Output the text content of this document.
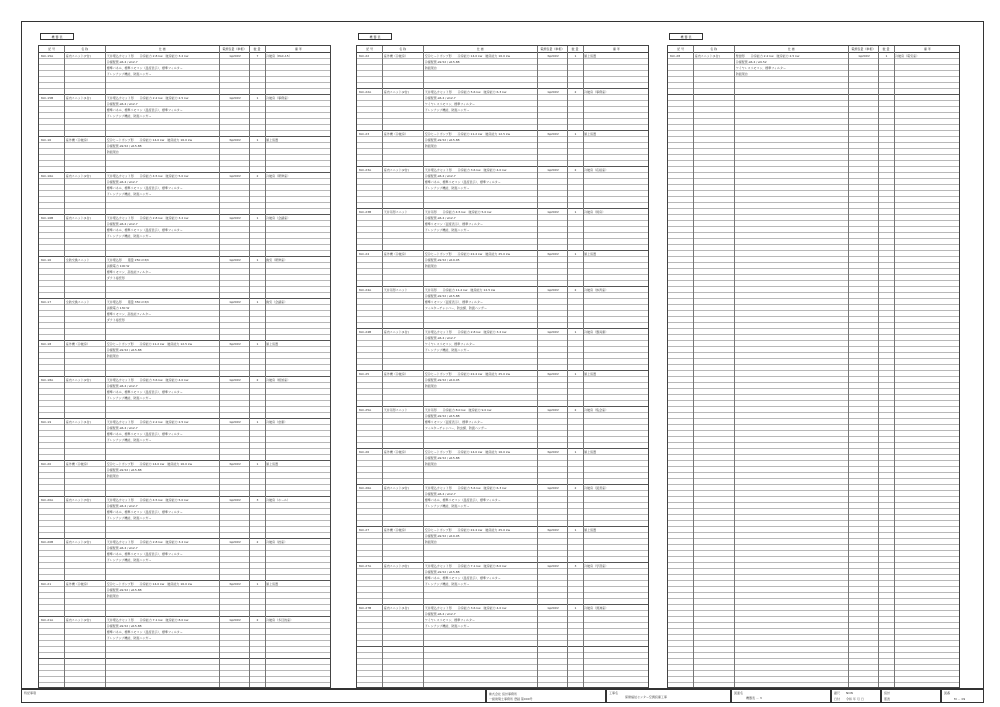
機 器 表
記 号	名 称	仕 様	電源容量（単相）	数 量	備 考
PAC-15A	室内ユニット(7台)	天井埋込カセット形　　冷房能力 2.8 kw　暖房能力 3.2 kw
冷媒配管 ø6.4 / ø12.7
標準パネル、標準リモコン（温度表示）、標準フィルター
ドレンアップ機能、防振ハンガー
1φ200V	7	冷暖房（PAC-15）
PAC-15B	室内ユニット(1台)	天井埋込カセット形　　冷房能力 2.2 kw　暖房能力 2.5 kw
冷媒配管 ø6.4 / ø12.7
標準パネル、標準リモコン（温度表示）、標準フィルター
ドレンアップ機能、防振ハンガー
1φ200V	1	冷暖房（事務室）
PAC-16	室外機（冷暖房）	空冷ヒートポンプ形　　冷房能力 14.0 kw　暖房能力 16.0 kw
冷媒配管 ø9.52 / ø15.88
防振架台
3φ200V	1	屋上設置
PAC-16A	室内ユニット(2台)	天井埋込カセット形　　冷房能力 4.5 kw　暖房能力 5.0 kw
冷媒配管 ø6.4 / ø12.7
標準パネル、標準リモコン（温度表示）、標準フィルター
ドレンアップ機能、防振ハンガー
1φ200V	2	冷暖房（研修室）
PAC-16B	室内ユニット(1台)	天井埋込カセット形　　冷房能力 2.8 kw　暖房能力 3.2 kw
冷媒配管 ø6.4 / ø12.7
標準パネル、標準リモコン（温度表示）、標準フィルター
ドレンアップ機能、防振ハンガー
1φ200V	1	冷暖房（会議室）
PAC-16	全熱交換ユニット	天井埋込形　　風量 250 m3/h
消費電力 100 W
標準リモコン、高性能フィルター
ダクト接続形
1φ200V	1	換気（研修室）
PAC-17	全熱交換ユニット	天井埋込形　　風量 350 m3/h
消費電力 130 W
標準リモコン、高性能フィルター
ダクト接続形
1φ200V	1	換気（会議室）
PAC-18	室外機（冷暖房）	空冷ヒートポンプ形　　冷房能力 11.2 kw　暖房能力 12.5 kw
冷媒配管 ø9.52 / ø15.88
防振架台
3φ200V	1	屋上設置
PAC-18A	室内ユニット(2台)	天井埋込カセット形　　冷房能力 3.6 kw　暖房能力 4.0 kw
冷媒配管 ø6.4 / ø12.7
標準パネル、標準リモコン（温度表示）、標準フィルター
ドレンアップ機能、防振ハンガー
1φ200V	2	冷暖房（相談室）
PAC-19	室内ユニット(1台)	天井埋込カセット形　　冷房能力 2.2 kw　暖房能力 2.5 kw
冷媒配管 ø6.4 / ø12.7
標準パネル、標準リモコン（温度表示）、標準フィルター
ドレンアップ機能、防振ハンガー
1φ200V	1	冷暖房（倉庫）
PAC-20	室外機（冷暖房）	空冷ヒートポンプ形　　冷房能力 14.0 kw　暖房能力 16.0 kw
冷媒配管 ø9.52 / ø15.88
防振架台
3φ200V	1	屋上設置
PAC-20A	室内ユニット(3台)	天井埋込カセット形　　冷房能力 4.5 kw　暖房能力 5.0 kw
冷媒配管 ø6.4 / ø12.7
標準パネル、標準リモコン（温度表示）、標準フィルター
ドレンアップ機能、防振ハンガー
1φ200V	3	冷暖房（ホール）
PAC-20B	室内ユニット(2台)	天井埋込カセット形　　冷房能力 2.8 kw　暖房能力 3.2 kw
冷媒配管 ø6.4 / ø12.7
標準パネル、標準リモコン（温度表示）、標準フィルター
ドレンアップ機能、防振ハンガー
1φ200V	2	冷暖房（控室）
PAC-21	室外機（冷暖房）	空冷ヒートポンプ形　　冷房能力 14.0 kw　暖房能力 16.0 kw
冷媒配管 ø9.52 / ø15.88
防振架台
3φ200V	1	屋上設置
PAC-21A	室内ユニット(2台)	天井埋込カセット形　　冷房能力 7.1 kw　暖房能力 8.0 kw
冷媒配管 ø9.52 / ø15.88
標準パネル、標準リモコン（温度表示）、標準フィルター
ドレンアップ機能、防振ハンガー
1φ200V	2	冷暖房（多目的室）
機 器 表
記 号	名 称	仕 様	電源容量（単相）	数 量	備 考
PAC-22	室外機（冷暖房）	空冷ヒートポンプ形　　冷房能力 14.0 kw　暖房能力 16.0 kw
冷媒配管 ø9.52 / ø15.88
防振架台
3φ200V	1	屋上設置
PAC-22A	室内ユニット(2台)	天井埋込カセット形　　冷房能力 5.6 kw　暖房能力 6.3 kw
冷媒配管 ø6.4 / ø12.7
ワイヤレスリモコン、標準フィルター
ドレンアップ機能、防振ハンガー
1φ200V	2	冷暖房（事務室）
PAC-23	室外機（冷暖房）	空冷ヒートポンプ形　　冷房能力 11.2 kw　暖房能力 12.5 kw
冷媒配管 ø9.52 / ø15.88
防振架台
3φ200V	1	屋上設置
PAC-23A	室内ユニット(2台)	天井埋込カセット形　　冷房能力 3.6 kw　暖房能力 4.0 kw
冷媒配管 ø6.4 / ø12.7
標準パネル、標準リモコン（温度表示）、標準フィルター
ドレンアップ機能、防振ハンガー
1φ200V	2	冷暖房（応接室）
PAC-23B	天井吊形ユニット	天井吊形　　冷房能力 4.5 kw　暖房能力 5.0 kw
冷媒配管 ø6.4 / ø12.7
標準リモコン（温度表示）、標準フィルター
ドレンアップ機能、防振ハンガー
1φ200V	1	冷暖房（厨房）
PAC-24	室外機（冷暖房）	空冷ヒートポンプ形　　冷房能力 22.4 kw　暖房能力 25.0 kw
冷媒配管 ø9.52 / ø19.05
防振架台
3φ200V	1	屋上設置
PAC-24A	天井吊形ユニット	天井吊形　　冷房能力 11.2 kw　暖房能力 12.5 kw
冷媒配管 ø9.52 / ø15.88
標準リモコン（温度表示）、標準フィルター
フィルターチャンバー、防虫網、防振ハンガー
1φ200V	2	冷暖房（体育室）
PAC-24B	室内ユニット(1台)	天井埋込カセット形　　冷房能力 2.8 kw　暖房能力 3.2 kw
冷媒配管 ø6.4 / ø12.7
ワイヤレスリモコン、標準フィルター
ドレンアップ機能、防振ハンガー
1φ200V	1	冷暖房（器具庫）
PAC-25	室外機（冷暖房）	空冷ヒートポンプ形　　冷房能力 22.4 kw　暖房能力 25.0 kw
冷媒配管 ø9.52 / ø19.05
防振架台
3φ200V	1	屋上設置
PAC-25A	天井吊形ユニット	天井吊形　　冷房能力 8.0 kw　暖房能力 9.0 kw
冷媒配管 ø9.52 / ø15.88
標準リモコン（温度表示）、標準フィルター
フィルターチャンバー、防虫網、防振ハンガー
1φ200V	2	冷暖房（集会室）
PAC-26	室外機（冷暖房）	空冷ヒートポンプ形　　冷房能力 14.0 kw　暖房能力 16.0 kw
冷媒配管 ø9.52 / ø15.88
防振架台
3φ200V	1	屋上設置
PAC-26A	室内ユニット(2台)	天井埋込カセット形　　冷房能力 5.6 kw　暖房能力 6.3 kw
冷媒配管 ø6.4 / ø12.7
標準パネル、標準リモコン（温度表示）、標準フィルター
ドレンアップ機能、防振ハンガー
1φ200V	2	冷暖房（図書室）
PAC-27	室外機（冷暖房）	空冷ヒートポンプ形　　冷房能力 22.4 kw　暖房能力 25.0 kw
冷媒配管 ø9.52 / ø19.05
防振架台
3φ200V	1	屋上設置
PAC-27A	室内ユニット(3台)	天井埋込カセット形　　冷房能力 7.1 kw　暖房能力 8.0 kw
冷媒配管 ø9.52 / ø15.88
標準パネル、標準リモコン（温度表示）、標準フィルター
ドレンアップ機能、防振ハンガー
1φ200V	3	冷暖房（学習室）
PAC-27B	室内ユニット(1台)	天井埋込カセット形　　冷房能力 3.6 kw　暖房能力 4.0 kw
冷媒配管 ø6.4 / ø12.7
ワイヤレスリモコン、標準フィルター
ドレンアップ機能、防振ハンガー
1φ200V	1	冷暖房（湯沸室）
機 器 表
記 号	名 称	仕 様	電源容量（単相）	数 量	備 考
PAC-28	室内ユニット(1台)	壁掛形　　冷房能力 2.2 kw　暖房能力 2.5 kw
冷媒配管 ø6.4 / ø9.52
ワイヤレスリモコン、標準フィルター
防振架台
1φ200V	1	冷暖房（電気室）
特記事項	株式会社 設計事務所
一級建築士事務所 登録 第000号
工事名
保健福祉センター空調設備工事
図面名
機器表 － 3
縮尺 NON
日付 令和 年 月 日
設計
照査
図番
M － 09
